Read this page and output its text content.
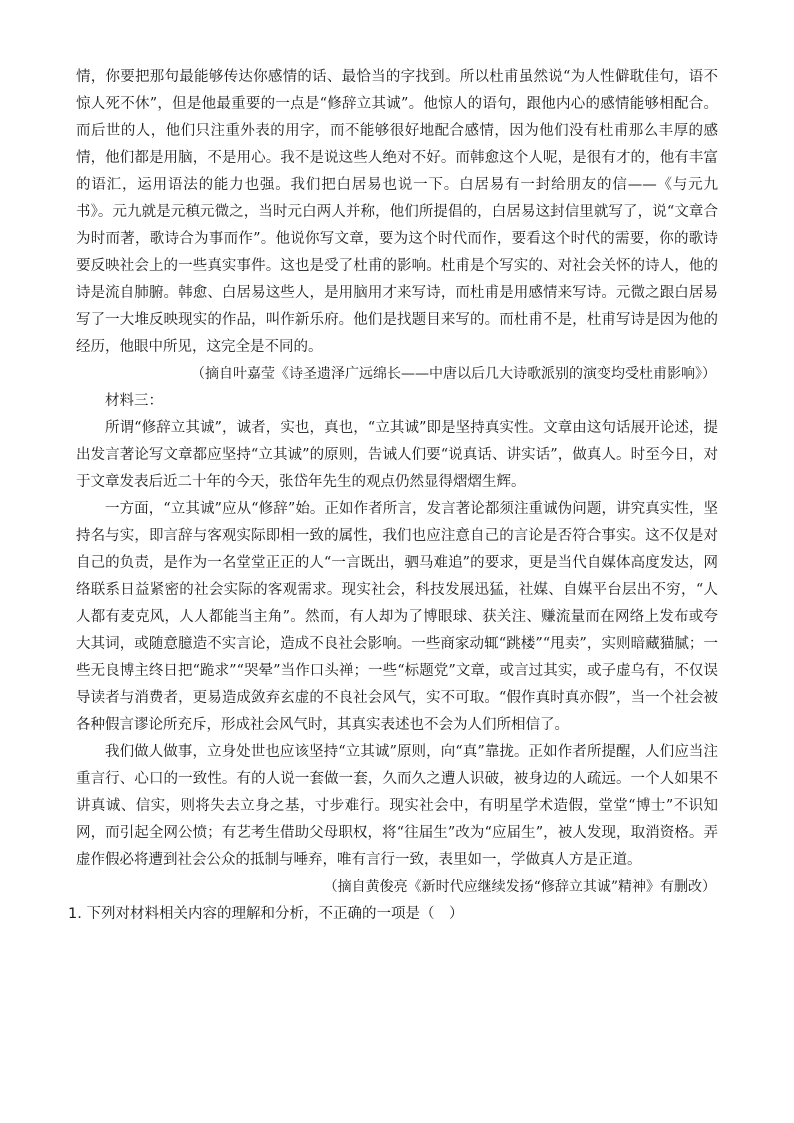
情，你要把那句最能够传达你感情的话、最恰当的字找到。所以杜甫虽然说“为人性僻耽佳句，语不惊人死不休”，但是他最重要的一点是“修辞立其诚”。他惊人的语句，跟他内心的感情能够相配合。而后世的人，他们只注重外表的用字，而不能够很好地配合感情，因为他们没有杜甫那么丰厚的感情，他们都是用脑，不是用心。我不是说这些人绝对不好。而韩愈这个人呢，是很有才的，他有丰富的语汇，运用语法的能力也强。我们把白居易也说一下。白居易有一封给朋友的信——《与元九书》。元九就是元稹元微之，当时元白两人并称，他们所提倡的，白居易这封信里就写了，说“文章合为时而著，歌诗合为事而作”。他说你写文章，要为这个时代而作，要看这个时代的需要，你的歌诗要反映社会上的一些真实事件。这也是受了杜甫的影响。杜甫是个写实的、对社会关怀的诗人，他的诗是流自肺腑。韩愈、白居易这些人，是用脑用才来写诗，而杜甫是用感情来写诗。元微之跟白居易写了一大堆反映现实的作品，叫作新乐府。他们是找题目来写的。而杜甫不是，杜甫写诗是因为他的经历，他眼中所见，这完全是不同的。

（摘自叶嘉莹《诗圣遗泽广远绵长——中唐以后几大诗歌派别的演变均受杜甫影响》）

材料三：

所谓“修辞立其诚”，诚者，实也，真也，“立其诚”即是坚持真实性。文章由这句话展开论述，提出发言著论写文章都应坚持“立其诚”的原则，告诫人们要“说真话、讲实话”，做真人。时至今日，对于文章发表后近二十年的今天，张岱年先生的观点仍然显得熠熠生辉。

一方面，“立其诚”应从“修辞”始。正如作者所言，发言著论都须注重诚伪问题，讲究真实性，坚持名与实，即言辞与客观实际即相一致的属性，我们也应注意自己的言论是否符合事实。这不仅是对自己的负责，是作为一名堂堂正正的人“一言既出，驷马难追”的要求，更是当代自媒体高度发达，网络联系日益紧密的社会实际的客观需求。现实社会，科技发展迅猛，社媒、自媒平台层出不穷，“人人都有麦克风，人人都能当主角”。然而，有人却为了博眼球、获关注、赚流量而在网络上发布或夸大其词，或随意臆造不实言论，造成不良社会影响。一些商家动辄“跳楼”“甩卖”，实则暗藏猫腻；一些无良博主终日把“跪求”“哭晕”当作口头禅；一些“标题党”文章，或言过其实，或子虚乌有，不仅误导读者与消费者，更易造成敛弃玄虚的不良社会风气，实不可取。“假作真时真亦假”，当一个社会被各种假言谬论所充斥，形成社会风气时，其真实表述也不会为人们所相信了。

我们做人做事，立身处世也应该坚持“立其诚”原则，向“真”靠拢。正如作者所提醒，人们应当注重言行、心口的一致性。有的人说一套做一套，久而久之遭人识破，被身边的人疏远。一个人如果不讲真诚、信实，则将失去立身之基，寸步难行。现实社会中，有明星学术造假，堂堂“博士”不识知网，而引起全网公愤；有艺考生借助父母职权，将“往届生”改为“应届生”，被人发现，取消资格。弄虚作假必将遭到社会公众的抵制与唾弃，唯有言行一致，表里如一，学做真人方是正道。

（摘自黄俊亮《新时代应继续发扬“修辞立其诚”精神》有删改）

1. 下列对材料相关内容的理解和分析，不正确的一项是（　）
